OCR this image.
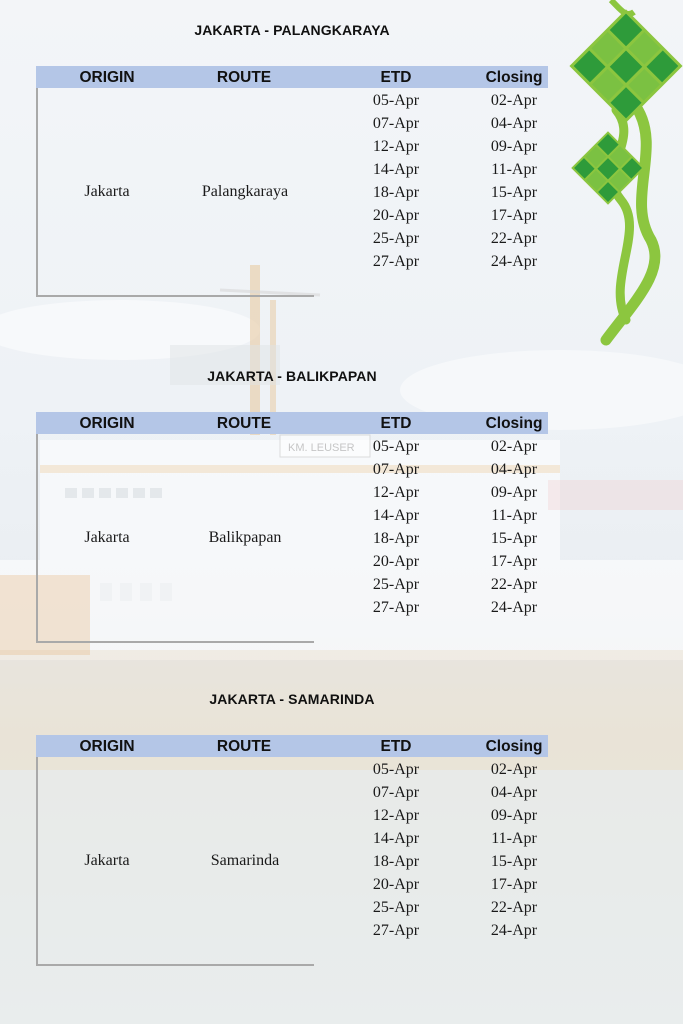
KM. LEUSER
JAKARTA - PALANGKARAYA
ORIGIN	ROUTE	ETD	Closing
Jakarta	Palangkaraya
05-Apr	02-Apr
07-Apr	04-Apr
12-Apr	09-Apr
14-Apr	11-Apr
18-Apr	15-Apr
20-Apr	17-Apr
25-Apr	22-Apr
27-Apr	24-Apr
JAKARTA - BALIKPAPAN
ORIGIN	ROUTE	ETD	Closing
Jakarta	Balikpapan
05-Apr	02-Apr
07-Apr	04-Apr
12-Apr	09-Apr
14-Apr	11-Apr
18-Apr	15-Apr
20-Apr	17-Apr
25-Apr	22-Apr
27-Apr	24-Apr
JAKARTA - SAMARINDA
ORIGIN	ROUTE	ETD	Closing
Jakarta	Samarinda
05-Apr	02-Apr
07-Apr	04-Apr
12-Apr	09-Apr
14-Apr	11-Apr
18-Apr	15-Apr
20-Apr	17-Apr
25-Apr	22-Apr
27-Apr	24-Apr
